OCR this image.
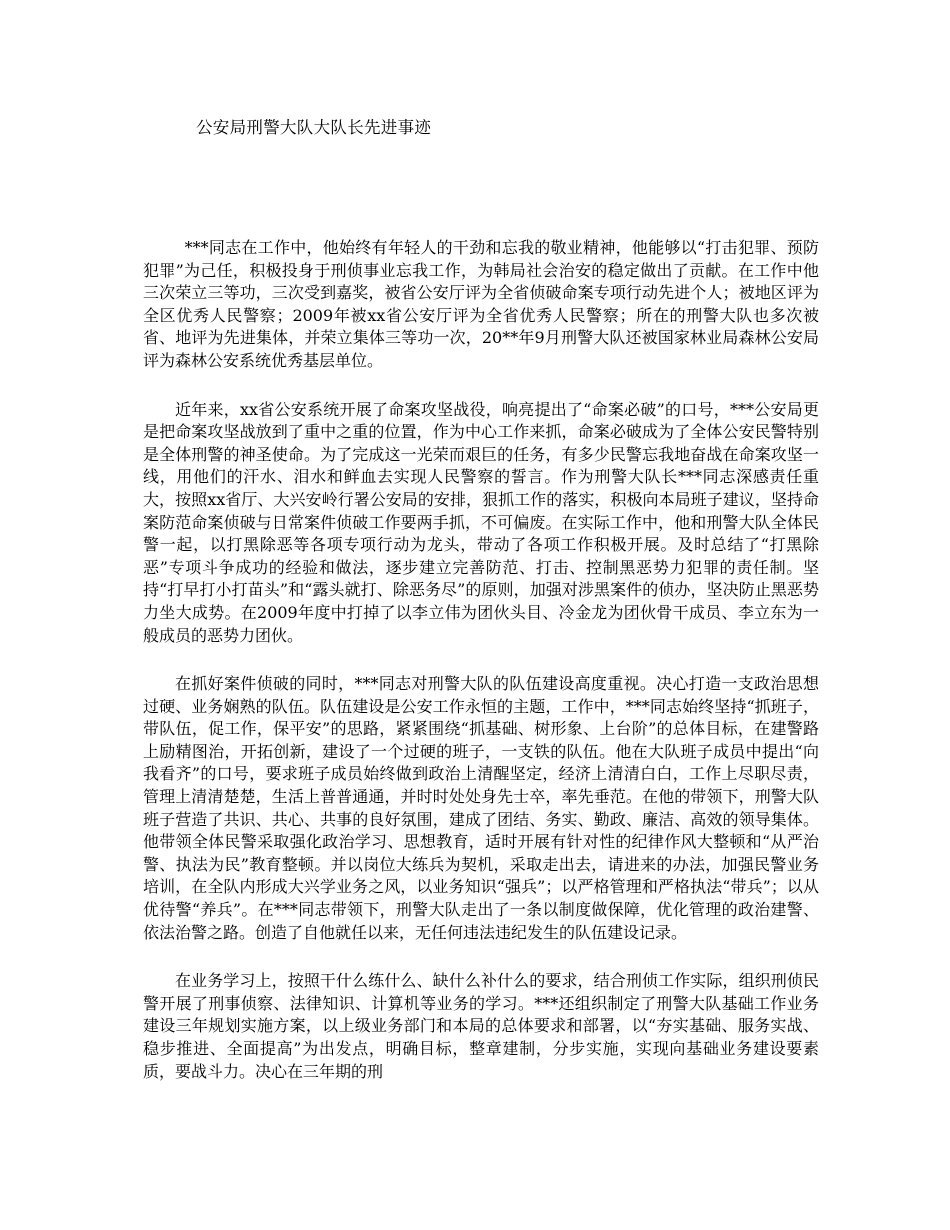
公安局刑警大队大队长先进事迹

***同志在工作中，他始终有年轻人的干劲和忘我的敬业精神，他能够以“打击犯罪、预防犯罪”为己任，积极投身于刑侦事业忘我工作，为韩局社会治安的稳定做出了贡献。在工作中他三次荣立三等功，三次受到嘉奖，被省公安厅评为全省侦破命案专项行动先进个人；被地区评为全区优秀人民警察；2009年被xx省公安厅评为全省优秀人民警察；所在的刑警大队也多次被省、地评为先进集体，并荣立集体三等功一次，20**年9月刑警大队还被国家林业局森林公安局评为森林公安系统优秀基层单位。

近年来，xx省公安系统开展了命案攻坚战役，响亮提出了“命案必破”的口号，***公安局更是把命案攻坚战放到了重中之重的位置，作为中心工作来抓，命案必破成为了全体公安民警特别是全体刑警的神圣使命。为了完成这一光荣而艰巨的任务，有多少民警忘我地奋战在命案攻坚一线，用他们的汗水、泪水和鲜血去实现人民警察的誓言。作为刑警大队长***同志深感责任重大，按照xx省厅、大兴安岭行署公安局的安排，狠抓工作的落实，积极向本局班子建议，坚持命案防范命案侦破与日常案件侦破工作要两手抓，不可偏废。在实际工作中，他和刑警大队全体民警一起，以打黑除恶等各项专项行动为龙头，带动了各项工作积极开展。及时总结了“打黑除恶”专项斗争成功的经验和做法，逐步建立完善防范、打击、控制黑恶势力犯罪的责任制。坚持“打早打小打苗头”和“露头就打、除恶务尽”的原则，加强对涉黑案件的侦办，坚决防止黑恶势力坐大成势。在2009年度中打掉了以李立伟为团伙头目、冷金龙为团伙骨干成员、李立东为一般成员的恶势力团伙。

在抓好案件侦破的同时，***同志对刑警大队的队伍建设高度重视。决心打造一支政治思想过硬、业务娴熟的队伍。队伍建设是公安工作永恒的主题，工作中，***同志始终坚持“抓班子，带队伍，促工作，保平安”的思路，紧紧围绕“抓基础、树形象、上台阶”的总体目标，在建警路上励精图治，开拓创新，建设了一个过硬的班子，一支铁的队伍。他在大队班子成员中提出“向我看齐”的口号，要求班子成员始终做到政治上清醒坚定，经济上清清白白，工作上尽职尽责，管理上清清楚楚，生活上普普通通，并时时处处身先士卒，率先垂范。在他的带领下，刑警大队班子营造了共识、共心、共事的良好氛围，建成了团结、务实、勤政、廉洁、高效的领导集体。他带领全体民警采取强化政治学习、思想教育，适时开展有针对性的纪律作风大整顿和“从严治警、执法为民”教育整顿。并以岗位大练兵为契机，采取走出去，请进来的办法，加强民警业务培训，在全队内形成大兴学业务之风，以业务知识“强兵”；以严格管理和严格执法“带兵”；以从优待警“养兵”。在***同志带领下，刑警大队走出了一条以制度做保障，优化管理的政治建警、依法治警之路。创造了自他就任以来，无任何违法违纪发生的队伍建设记录。

在业务学习上，按照干什么练什么、缺什么补什么的要求，结合刑侦工作实际，组织刑侦民警开展了刑事侦察、法律知识、计算机等业务的学习。***还组织制定了刑警大队基础工作业务建设三年规划实施方案，以上级业务部门和本局的总体要求和部署，以“夯实基础、服务实战、稳步推进、全面提高”为出发点，明确目标，整章建制，分步实施，实现向基础业务建设要素质，要战斗力。决心在三年期的刑
